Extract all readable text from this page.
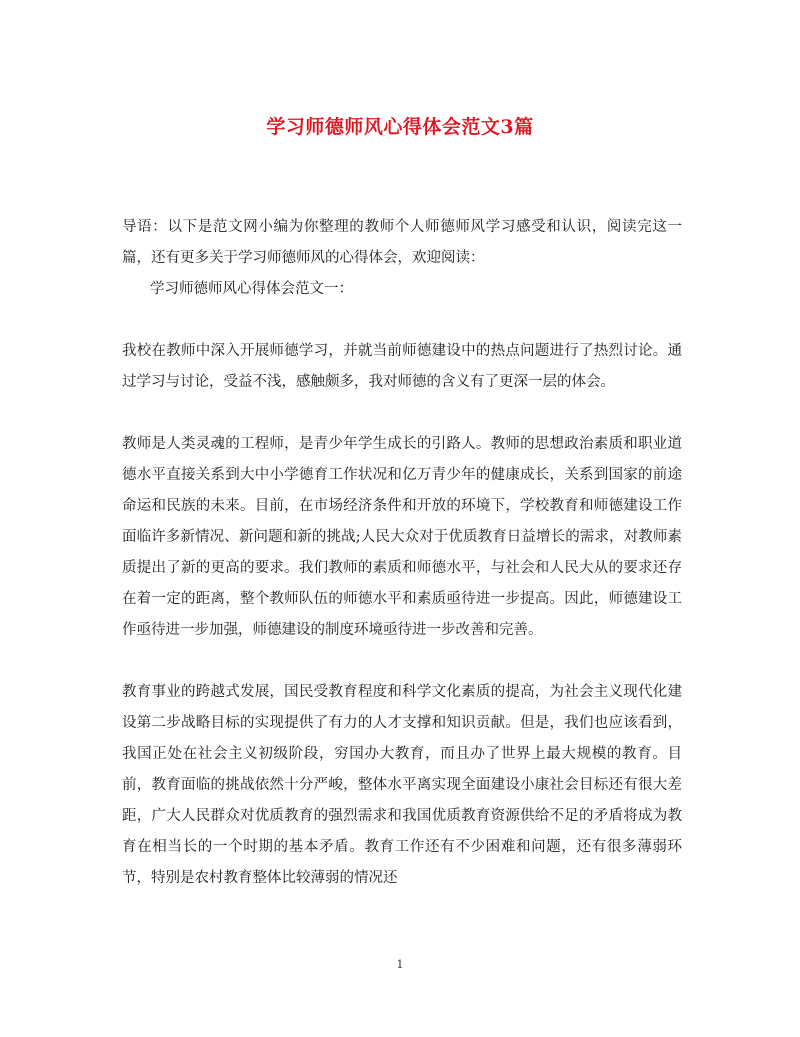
学习师德师风心得体会范文3篇

导语：以下是范文网小编为你整理的教师个人师德师风学习感受和认识，阅读完这一篇，还有更多关于学习师德师风的心得体会，欢迎阅读：

学习师德师风心得体会范文一：

我校在教师中深入开展师德学习，并就当前师德建设中的热点问题进行了热烈讨论。通过学习与讨论，受益不浅，感触颇多，我对师德的含义有了更深一层的体会。

教师是人类灵魂的工程师，是青少年学生成长的引路人。教师的思想政治素质和职业道德水平直接关系到大中小学德育工作状况和亿万青少年的健康成长，关系到国家的前途命运和民族的未来。目前，在市场经济条件和开放的环境下，学校教育和师德建设工作面临许多新情况、新问题和新的挑战;人民大众对于优质教育日益增长的需求，对教师素质提出了新的更高的要求。我们教师的素质和师德水平，与社会和人民大从的要求还存在着一定的距离，整个教师队伍的师德水平和素质亟待进一步提高。因此，师德建设工作亟待进一步加强，师德建设的制度环境亟待进一步改善和完善。

教育事业的跨越式发展，国民受教育程度和科学文化素质的提高，为社会主义现代化建设第二步战略目标的实现提供了有力的人才支撑和知识贡献。但是，我们也应该看到，我国正处在社会主义初级阶段，穷国办大教育，而且办了世界上最大规模的教育。目前，教育面临的挑战依然十分严峻，整体水平离实现全面建设小康社会目标还有很大差距，广大人民群众对优质教育的强烈需求和我国优质教育资源供给不足的矛盾将成为教育在相当长的一个时期的基本矛盾。教育工作还有不少困难和问题，还有很多薄弱环节，特别是农村教育整体比较薄弱的情况还

1
